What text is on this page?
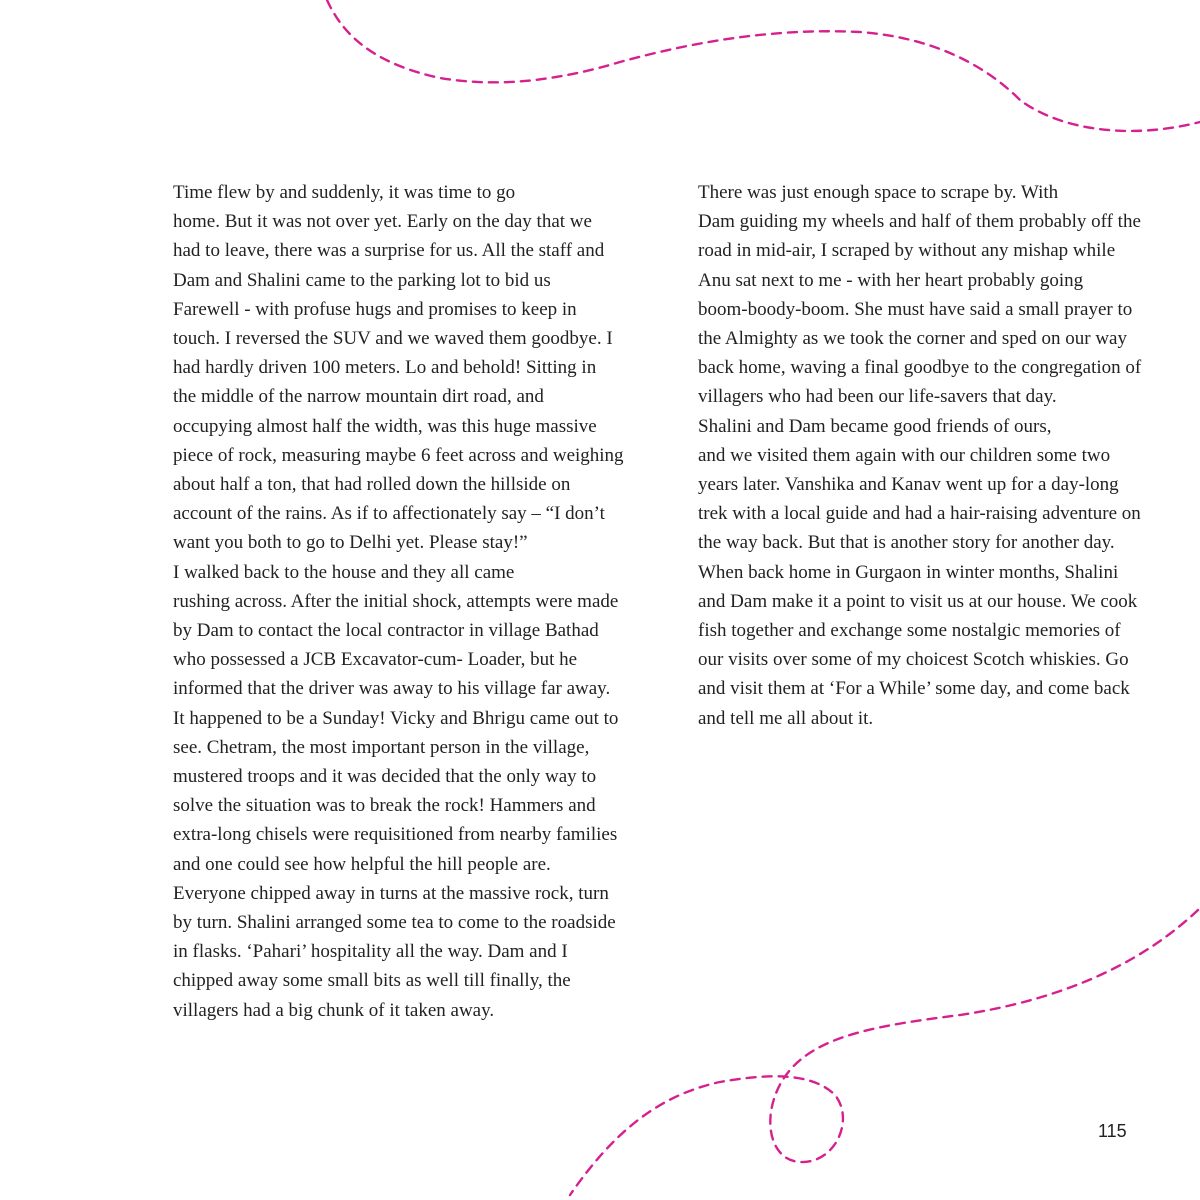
Time flew by and suddenly, it was time to go
home. But it was not over yet. Early on the day that we
had to leave, there was a surprise for us. All the staff and
Dam and Shalini came to the parking lot to bid us
Farewell - with profuse hugs and promises to keep in
touch. I reversed the SUV and we waved them goodbye. I
had hardly driven 100 meters. Lo and behold! Sitting in
the middle of the narrow mountain dirt road, and
occupying almost half the width, was this huge massive
piece of rock, measuring maybe 6 feet across and weighing
about half a ton, that had rolled down the hillside on
account of the rains. As if to affectionately say – “I don’t
want you both to go to Delhi yet. Please stay!”

I walked back to the house and they all came
rushing across. After the initial shock, attempts were made
by Dam to contact the local contractor in village Bathad
who possessed a JCB Excavator-cum- Loader, but he
informed that the driver was away to his village far away.
It happened to be a Sunday! Vicky and Bhrigu came out to
see. Chetram, the most important person in the village,
mustered troops and it was decided that the only way to
solve the situation was to break the rock! Hammers and
extra-long chisels were requisitioned from nearby families
and one could see how helpful the hill people are.
Everyone chipped away in turns at the massive rock, turn
by turn. Shalini arranged some tea to come to the roadside
in flasks. ‘Pahari’ hospitality all the way. Dam and I
chipped away some small bits as well till finally, the
villagers had a big chunk of it taken away.

There was just enough space to scrape by. With
Dam guiding my wheels and half of them probably off the
road in mid-air, I scraped by without any mishap while
Anu sat next to me - with her heart probably going
boom-boody-boom. She must have said a small prayer to
the Almighty as we took the corner and sped on our way
back home, waving a final goodbye to the congregation of
villagers who had been our life-savers that day.

Shalini and Dam became good friends of ours,
and we visited them again with our children some two
years later. Vanshika and Kanav went up for a day-long
trek with a local guide and had a hair-raising adventure on
the way back. But that is another story for another day.
When back home in Gurgaon in winter months, Shalini
and Dam make it a point to visit us at our house. We cook
fish together and exchange some nostalgic memories of
our visits over some of my choicest Scotch whiskies. Go
and visit them at ‘For a While’ some day, and come back
and tell me all about it.

115
